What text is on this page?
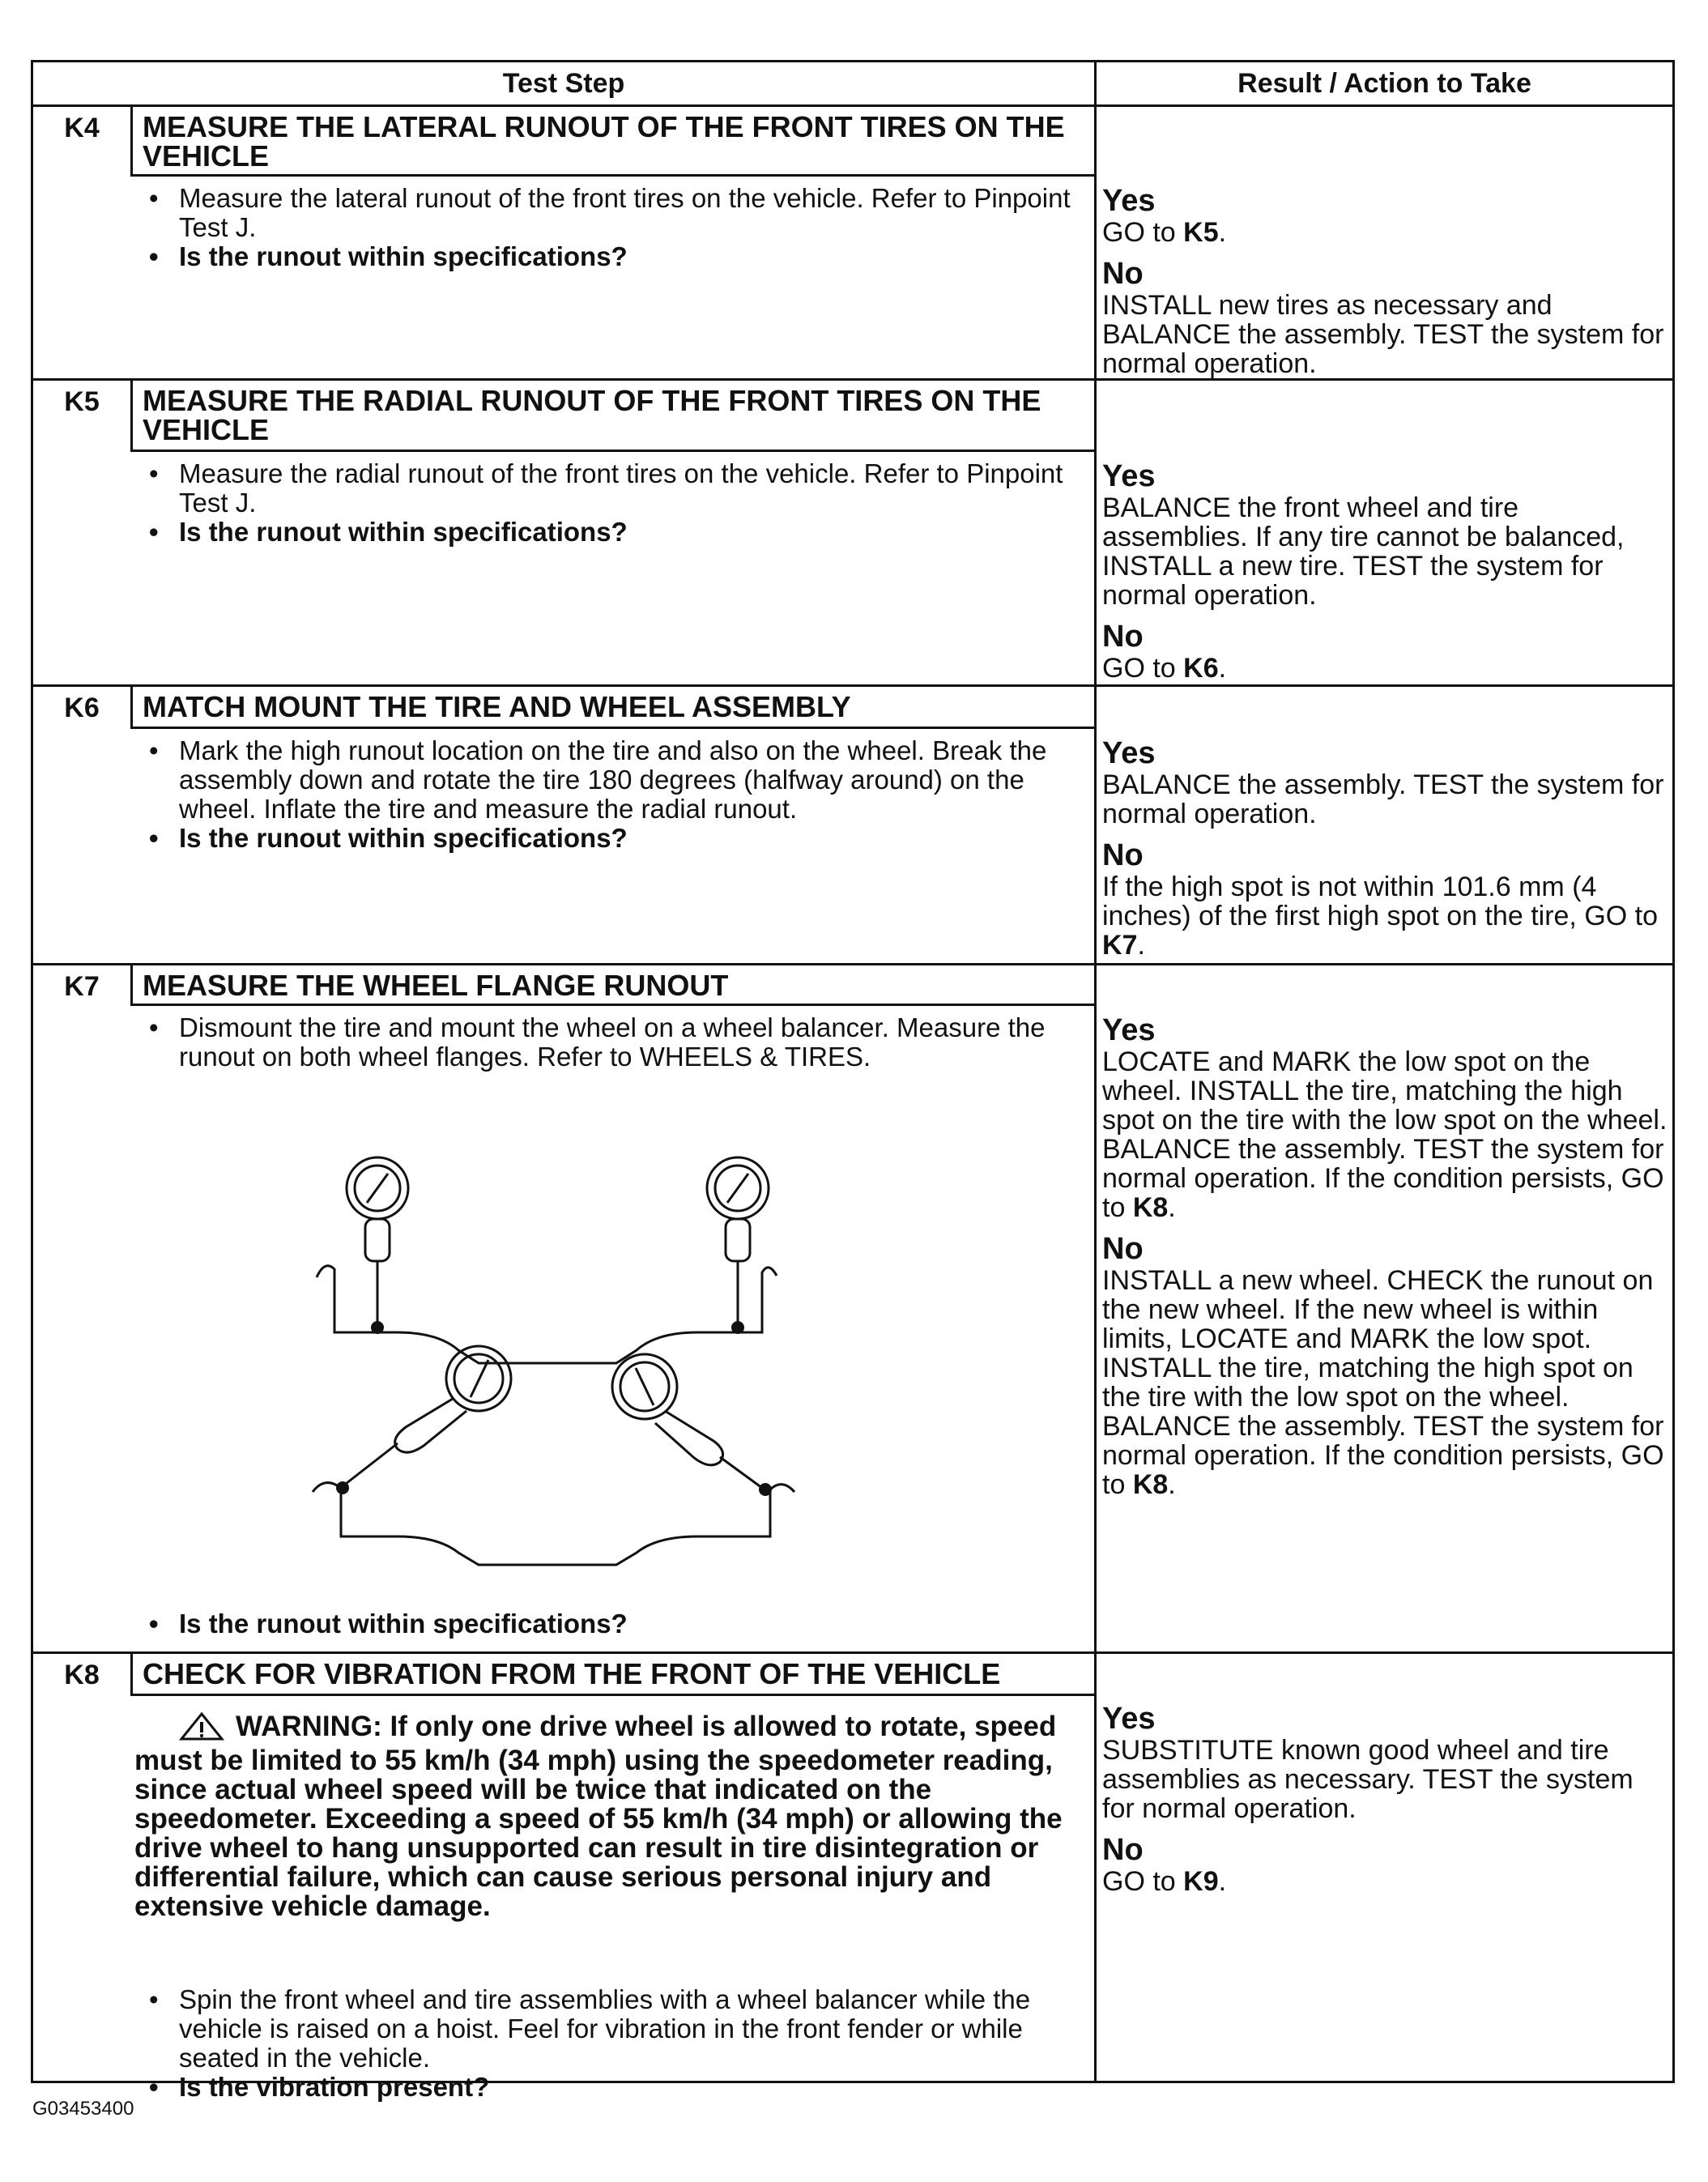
Test Step	Result / Action to Take
K4	MEASURE THE LATERAL RUNOUT OF THE FRONT TIRES ON THE VEHICLE
• Measure the lateral runout of the front tires on the vehicle. Refer to Pinpoint Test J.
• Is the runout within specifications?
Yes
GO to K5.
No
INSTALL new tires as necessary and BALANCE the assembly. TEST the system for normal operation.
K5	MEASURE THE RADIAL RUNOUT OF THE FRONT TIRES ON THE VEHICLE
• Measure the radial runout of the front tires on the vehicle. Refer to Pinpoint Test J.
• Is the runout within specifications?
Yes
BALANCE the front wheel and tire assemblies. If any tire cannot be balanced, INSTALL a new tire. TEST the system for normal operation.
No
GO to K6.
K6	MATCH MOUNT THE TIRE AND WHEEL ASSEMBLY
• Mark the high runout location on the tire and also on the wheel. Break the assembly down and rotate the tire 180 degrees (halfway around) on the wheel. Inflate the tire and measure the radial runout.
• Is the runout within specifications?
Yes
BALANCE the assembly. TEST the system for normal operation.
No
If the high spot is not within 101.6 mm (4 inches) of the first high spot on the tire, GO to K7.
K7	MEASURE THE WHEEL FLANGE RUNOUT
• Dismount the tire and mount the wheel on a wheel balancer. Measure the runout on both wheel flanges. Refer to WHEELS & TIRES.
• Is the runout within specifications?
Yes
LOCATE and MARK the low spot on the wheel. INSTALL the tire, matching the high spot on the tire with the low spot on the wheel. BALANCE the assembly. TEST the system for normal operation. If the condition persists, GO to K8.
No
INSTALL a new wheel. CHECK the runout on the new wheel. If the new wheel is within limits, LOCATE and MARK the low spot. INSTALL the tire, matching the high spot on the tire with the low spot on the wheel. BALANCE the assembly. TEST the system for normal operation. If the condition persists, GO to K8.
K8	CHECK FOR VIBRATION FROM THE FRONT OF THE VEHICLE
WARNING: If only one drive wheel is allowed to rotate, speed must be limited to 55 km/h (34 mph) using the speedometer reading, since actual wheel speed will be twice that indicated on the speedometer. Exceeding a speed of 55 km/h (34 mph) or allowing the drive wheel to hang unsupported can result in tire disintegration or differential failure, which can cause serious personal injury and extensive vehicle damage.
• Spin the front wheel and tire assemblies with a wheel balancer while the vehicle is raised on a hoist. Feel for vibration in the front fender or while seated in the vehicle.
• Is the vibration present?
Yes
SUBSTITUTE known good wheel and tire assemblies as necessary. TEST the system for normal operation.
No
GO to K9.
G03453400
